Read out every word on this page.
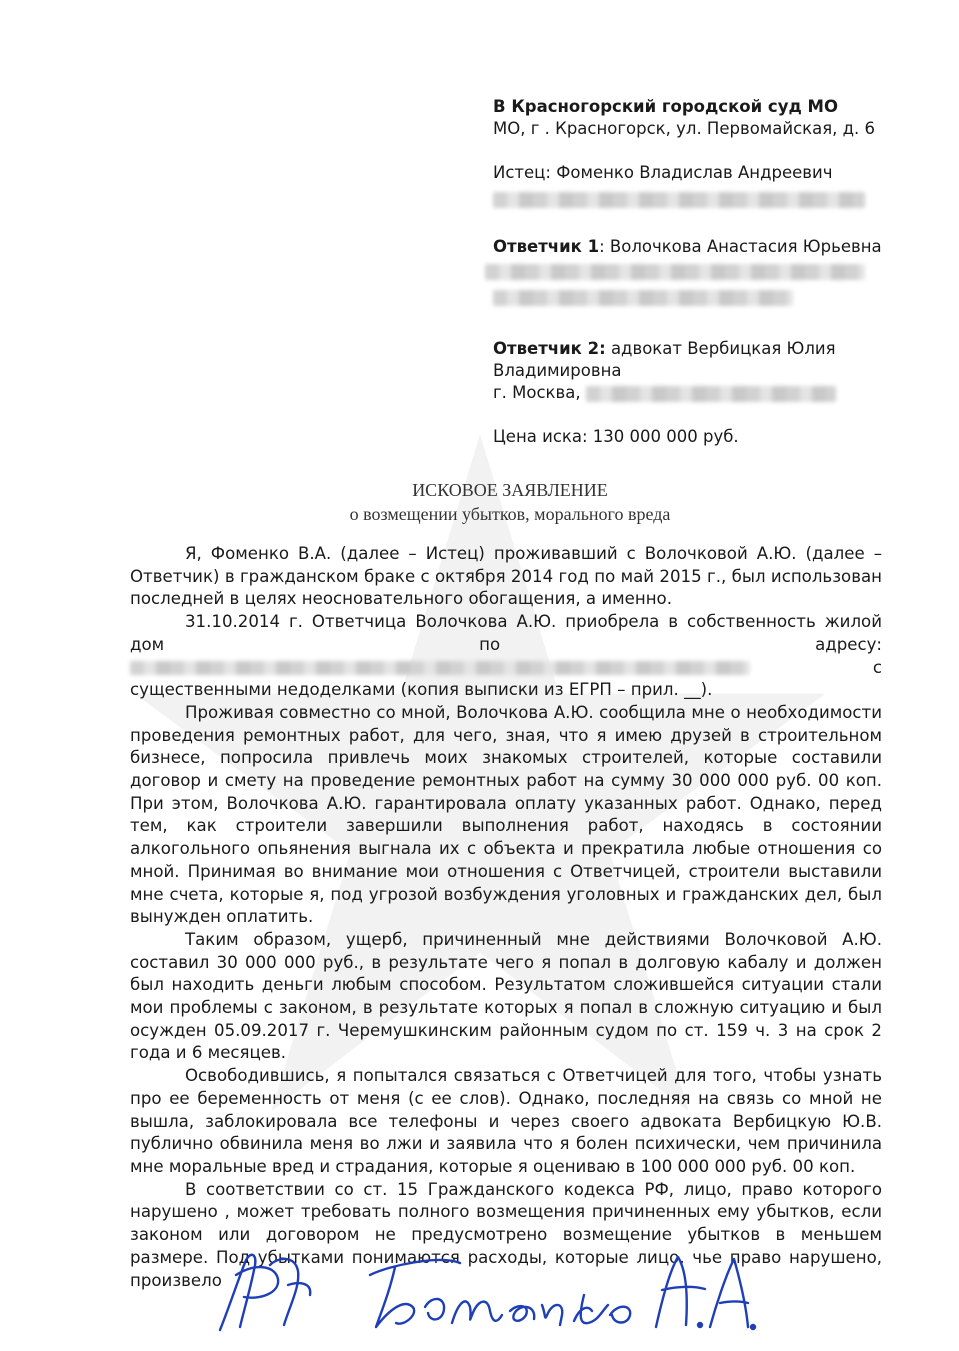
В Красногорский городской суд МО
МО, г . Красногорск, ул. Первомайская, д. 6
Истец: Фоменко Владислав Андреевич
Ответчик 1: Волочкова Анастасия Юрьевна
Ответчик 2: адвокат Вербицкая Юлия
Владимировна
г. Москва,
Цена иска: 130 000 000 руб.
ИСКОВОЕ ЗАЯВЛЕНИЕ
о возмещении убытков, морального вреда

Я, Фоменко В.А. (далее – Истец) проживавший с Волочковой А.Ю. (далее – Ответчик) в гражданском браке с октября 2014 год по май 2015 г., был использован последней в целях неосновательного обогащения, а именно.

31.10.2014 г. Ответчица Волочкова А.Ю. приобрела в собственность жилой дом по адресу:  с существенными недоделками (копия выписки из ЕГРП – прил. __).

Проживая совместно со мной, Волочкова А.Ю. сообщила мне о необходимости проведения ремонтных работ, для чего, зная, что я имею друзей в строительном бизнесе, попросила привлечь моих знакомых строителей, которые составили договор и смету на проведение ремонтных работ на сумму 30 000 000 руб. 00 коп. При этом, Волочкова А.Ю. гарантировала оплату указанных работ. Однако, перед тем, как строители завершили выполнения работ, находясь в состоянии алкогольного опьянения выгнала их с объекта и прекратила любые отношения со мной. Принимая во внимание мои отношения с Ответчицей, строители выставили мне счета, которые я, под угрозой возбуждения уголовных и гражданских дел, был вынужден оплатить.

Таким образом, ущерб, причиненный мне действиями Волочковой А.Ю. составил 30 000 000 руб., в результате чего я попал в долговую кабалу и должен был находить деньги любым способом. Результатом сложившейся ситуации стали мои проблемы с законом, в результате которых я попал в сложную ситуацию и был осужден 05.09.2017 г. Черемушкинским районным судом по ст. 159 ч. 3 на срок 2 года и 6 месяцев.

Освободившись, я попытался связаться с Ответчицей для того, чтобы узнать про ее беременность от меня (с ее слов). Однако, последняя на связь со мной не вышла, заблокировала все телефоны и через своего адвоката Вербицкую Ю.В. публично обвинила меня во лжи и заявила что я болен психически, чем причинила мне моральные вред и страдания, которые я оцениваю в 100 000 000 руб. 00 коп.

В соответствии со ст. 15 Гражданского кодекса РФ, лицо, право которого нарушено , может требовать полного возмещения причиненных ему убытков, если законом или договором не предусмотрено возмещение убытков в меньшем размере. Под убытками понимаются расходы, которые лицо, чье право нарушено, произвело
